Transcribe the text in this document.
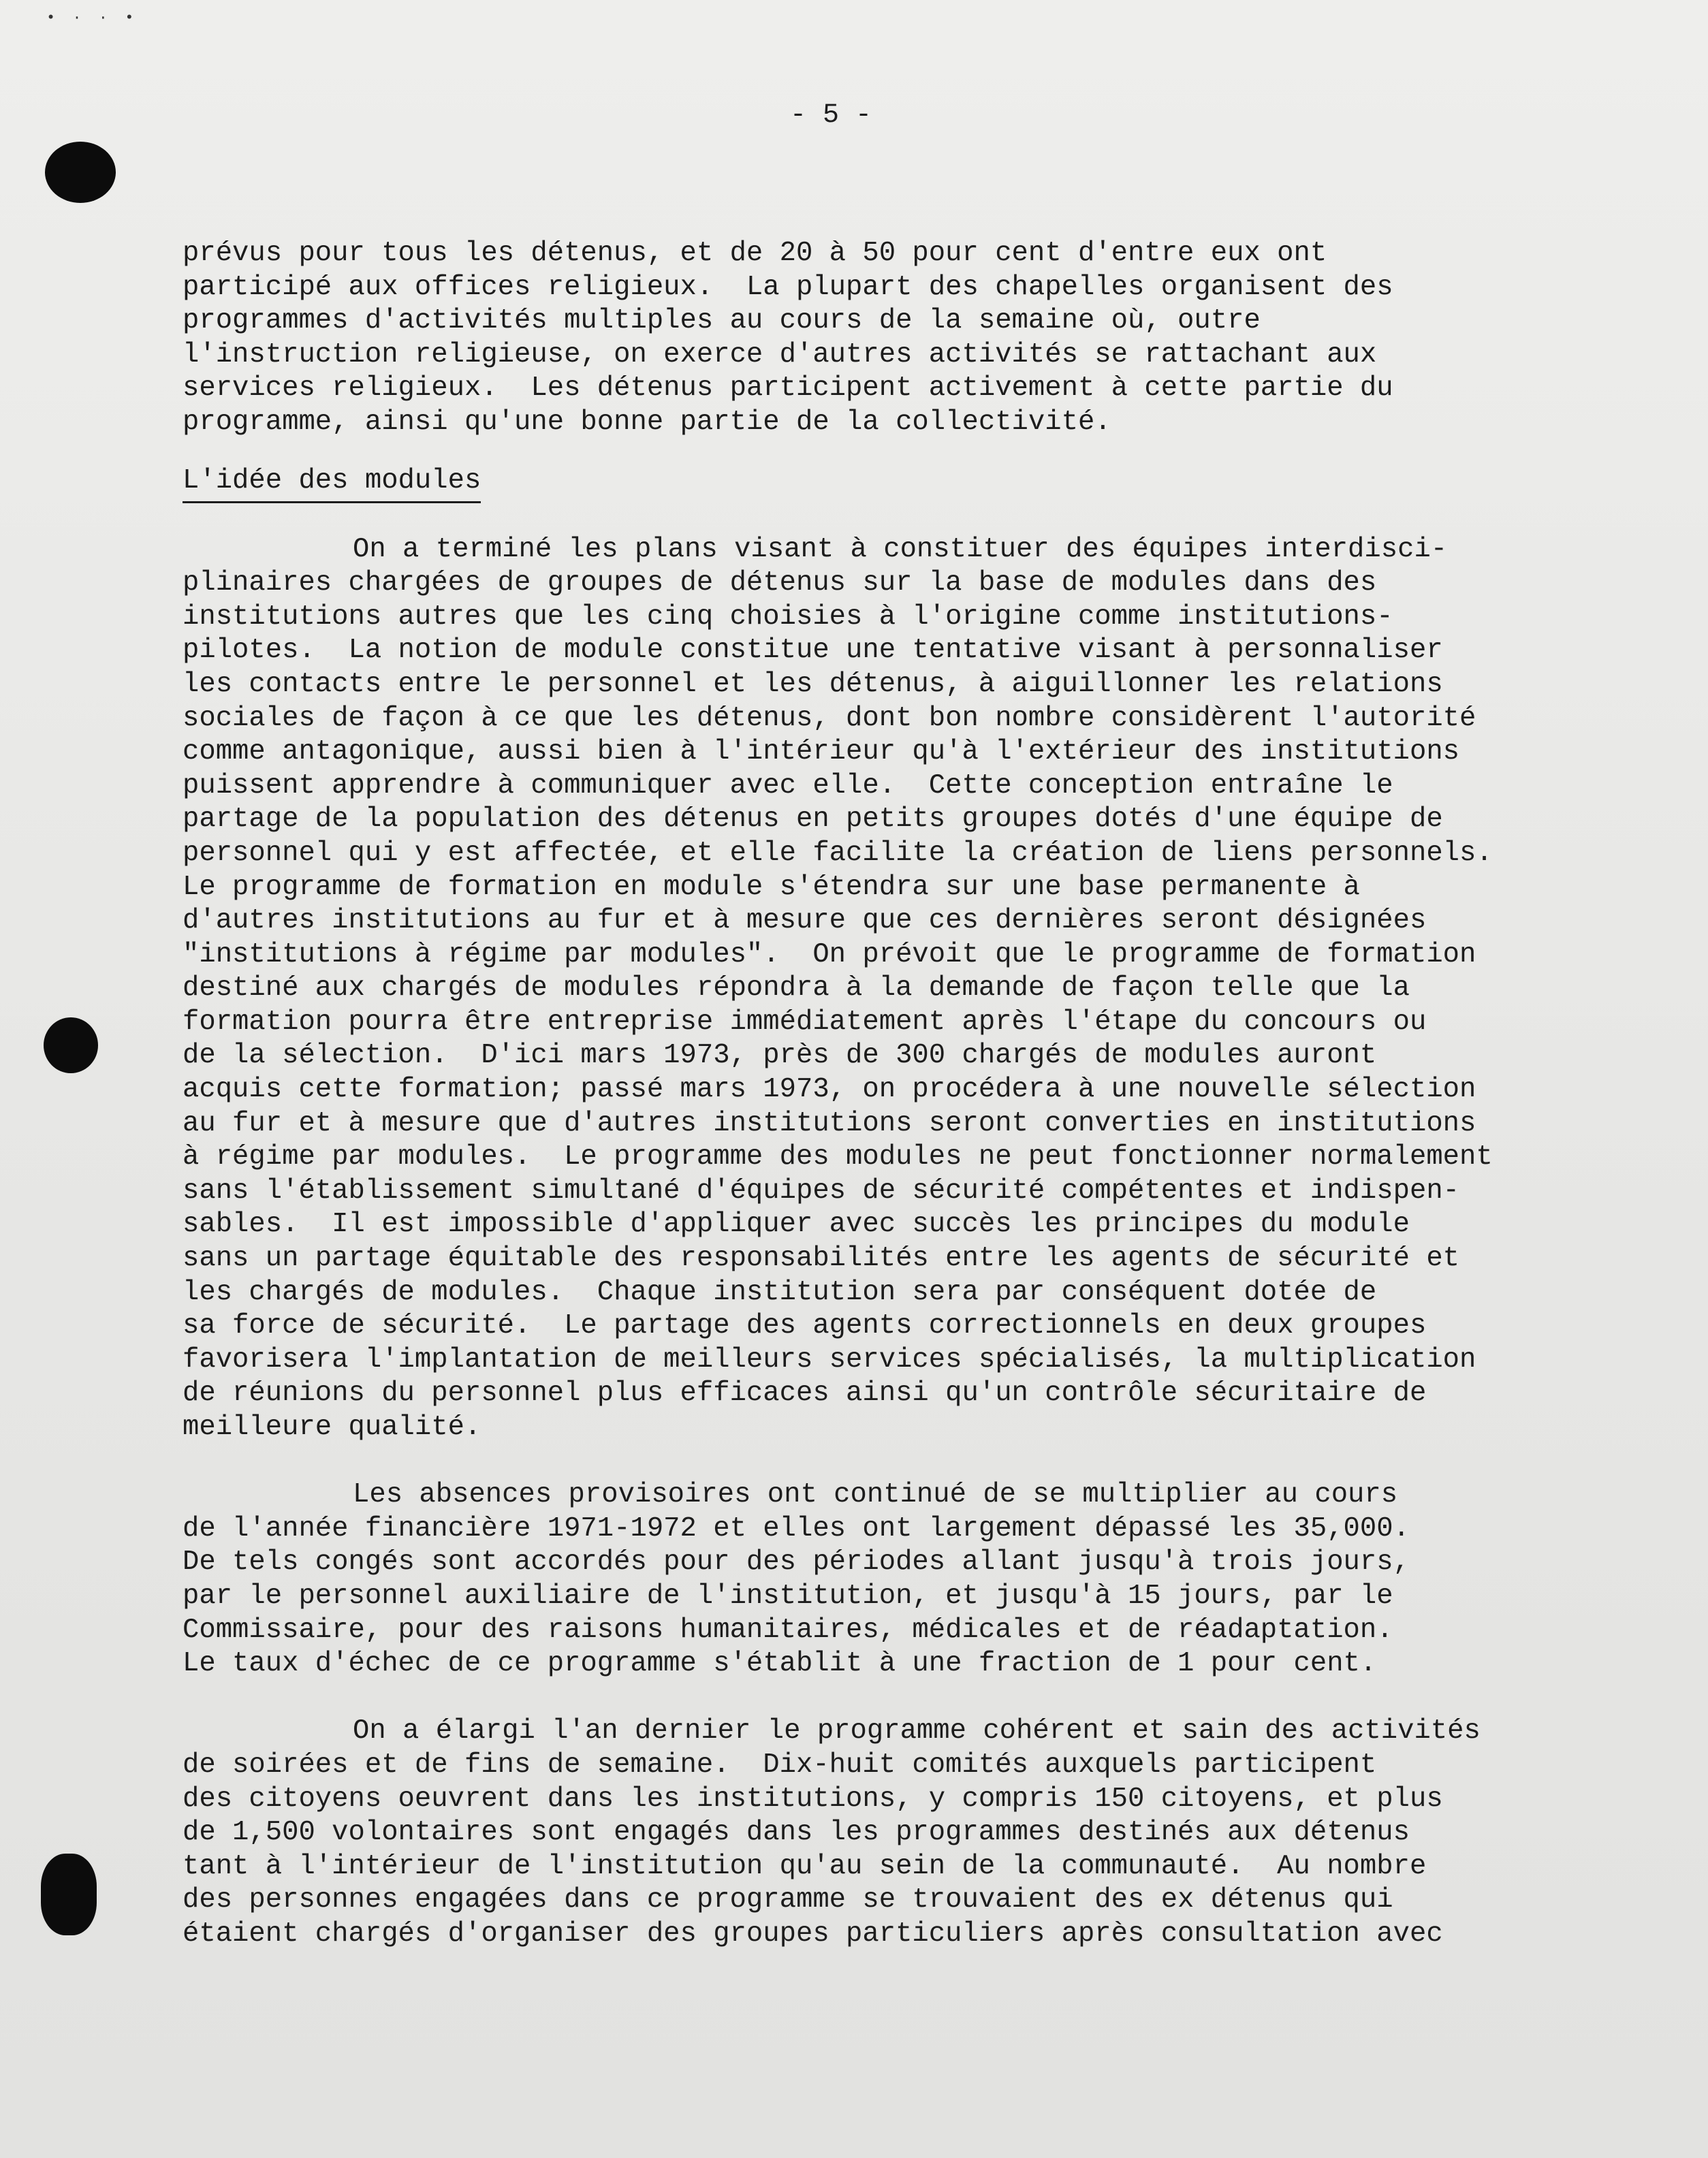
• · · •
- 5 -
prévus pour tous les détenus, et de 20 à 50 pour cent d'entre eux ont
participé aux offices religieux.  La plupart des chapelles organisent des
programmes d'activités multiples au cours de la semaine où, outre
l'instruction religieuse, on exerce d'autres activités se rattachant aux
services religieux.  Les détenus participent activement à cette partie du
programme, ainsi qu'une bonne partie de la collectivité.
L'idée des modules
On a terminé les plans visant à constituer des équipes interdisci-
plinaires chargées de groupes de détenus sur la base de modules dans des
institutions autres que les cinq choisies à l'origine comme institutions-
pilotes.  La notion de module constitue une tentative visant à personnaliser
les contacts entre le personnel et les détenus, à aiguillonner les relations
sociales de façon à ce que les détenus, dont bon nombre considèrent l'autorité
comme antagonique, aussi bien à l'intérieur qu'à l'extérieur des institutions
puissent apprendre à communiquer avec elle.  Cette conception entraîne le
partage de la population des détenus en petits groupes dotés d'une équipe de
personnel qui y est affectée, et elle facilite la création de liens personnels.
Le programme de formation en module s'étendra sur une base permanente à
d'autres institutions au fur et à mesure que ces dernières seront désignées
"institutions à régime par modules".  On prévoit que le programme de formation
destiné aux chargés de modules répondra à la demande de façon telle que la
formation pourra être entreprise immédiatement après l'étape du concours ou
de la sélection.  D'ici mars 1973, près de 300 chargés de modules auront
acquis cette formation; passé mars 1973, on procédera à une nouvelle sélection
au fur et à mesure que d'autres institutions seront converties en institutions
à régime par modules.  Le programme des modules ne peut fonctionner normalement
sans l'établissement simultané d'équipes de sécurité compétentes et indispen-
sables.  Il est impossible d'appliquer avec succès les principes du module
sans un partage équitable des responsabilités entre les agents de sécurité et
les chargés de modules.  Chaque institution sera par conséquent dotée de
sa force de sécurité.  Le partage des agents correctionnels en deux groupes
favorisera l'implantation de meilleurs services spécialisés, la multiplication
de réunions du personnel plus efficaces ainsi qu'un contrôle sécuritaire de
meilleure qualité.
Les absences provisoires ont continué de se multiplier au cours
de l'année financière 1971-1972 et elles ont largement dépassé les 35,000.
De tels congés sont accordés pour des périodes allant jusqu'à trois jours,
par le personnel auxiliaire de l'institution, et jusqu'à 15 jours, par le
Commissaire, pour des raisons humanitaires, médicales et de réadaptation.
Le taux d'échec de ce programme s'établit à une fraction de 1 pour cent.
On a élargi l'an dernier le programme cohérent et sain des activités
de soirées et de fins de semaine.  Dix-huit comités auxquels participent
des citoyens oeuvrent dans les institutions, y compris 150 citoyens, et plus
de 1,500 volontaires sont engagés dans les programmes destinés aux détenus
tant à l'intérieur de l'institution qu'au sein de la communauté.  Au nombre
des personnes engagées dans ce programme se trouvaient des ex détenus qui
étaient chargés d'organiser des groupes particuliers après consultation avec
